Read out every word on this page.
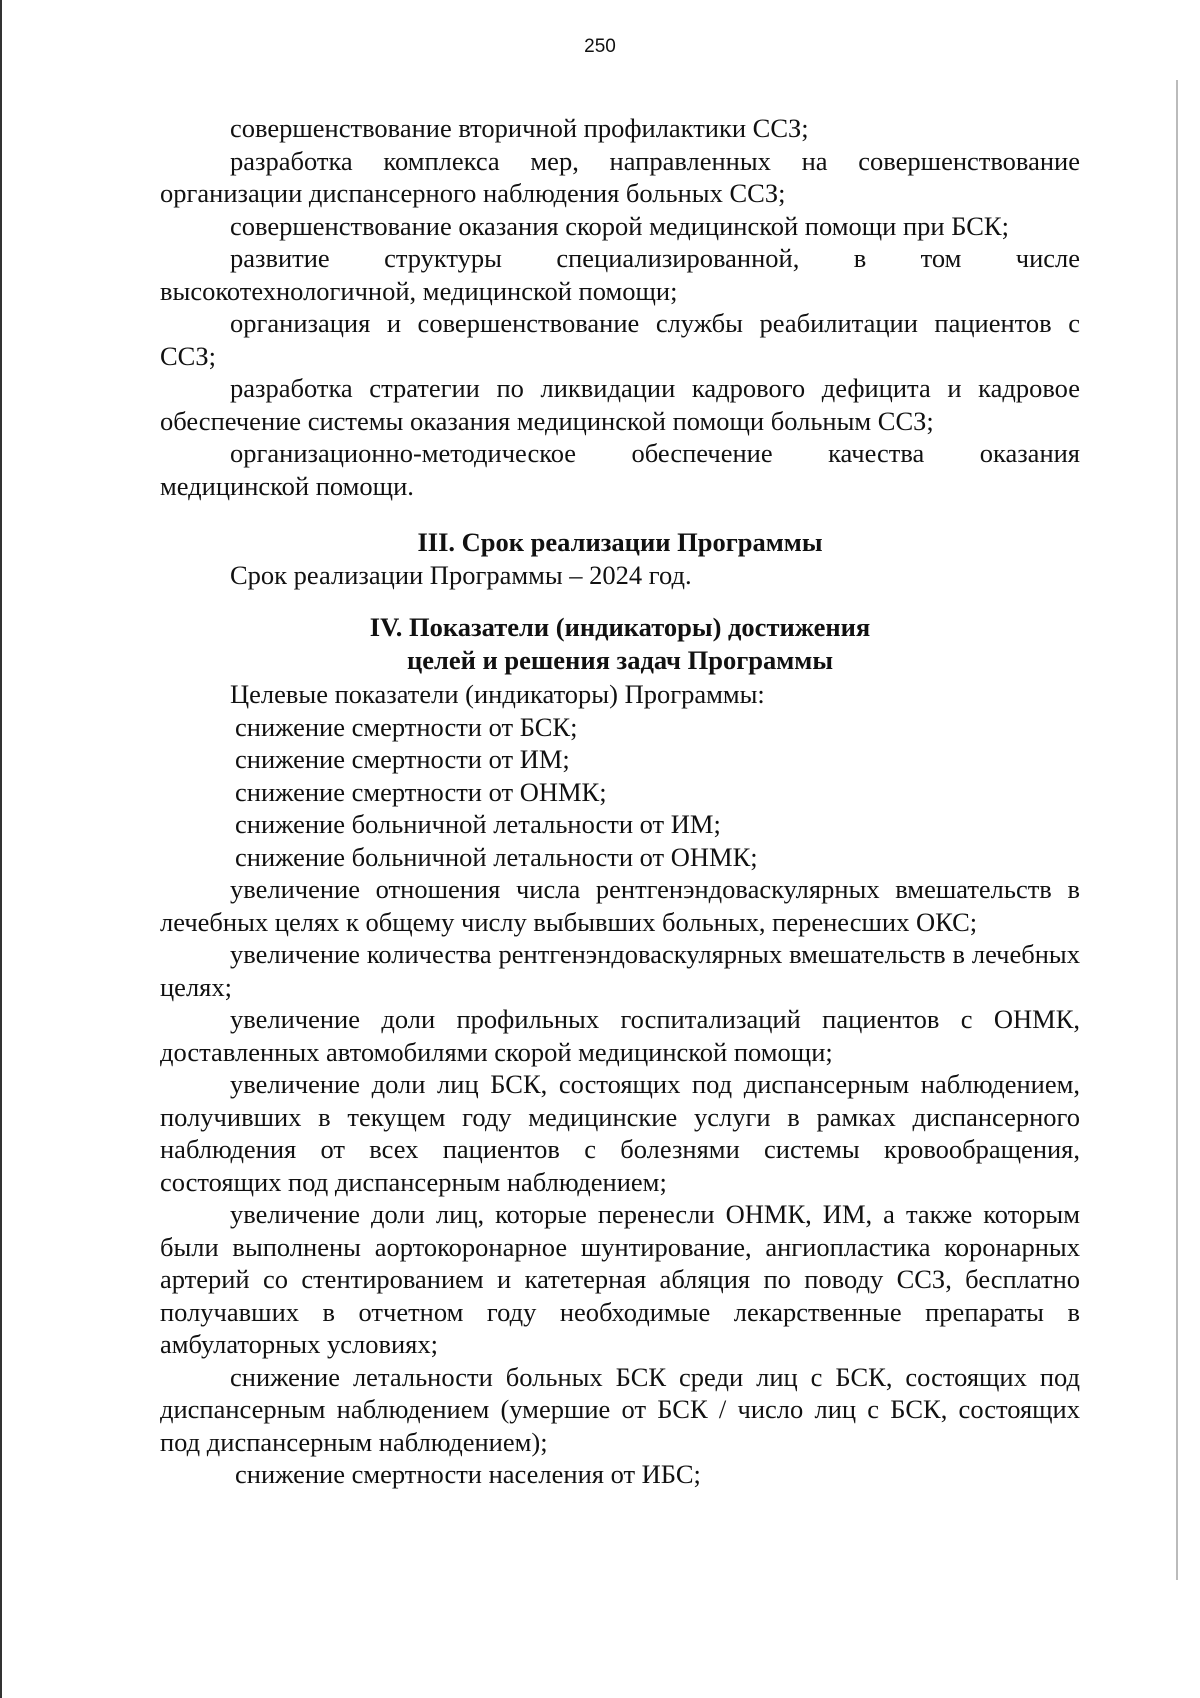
250

совершенствование вторичной профилактики ССЗ;

разработка комплекса мер, направленных на совершенствование организации диспансерного наблюдения больных ССЗ;

совершенствование оказания скорой медицинской помощи при БСК;

развитие структуры специализированной, в том числе высокотехнологичной, медицинской помощи;

организация и совершенствование службы реабилитации пациентов с ССЗ;

разработка стратегии по ликвидации кадрового дефицита и кадровое обеспечение системы оказания медицинской помощи больным ССЗ;

организационно-методическое обеспечение качества оказания медицинской помощи.

III. Срок реализации Программы

Срок реализации Программы – 2024 год.

IV. Показатели (индикаторы) достижения
целей и решения задач Программы

Целевые показатели (индикаторы) Программы:

снижение смертности от БСК;

снижение смертности от ИМ;

снижение смертности от ОНМК;

снижение больничной летальности от ИМ;

снижение больничной летальности от ОНМК;

увеличение отношения числа рентгенэндоваскулярных вмешательств в лечебных целях к общему числу выбывших больных, перенесших ОКС;

увеличение количества рентгенэндоваскулярных вмешательств в лечебных целях;

увеличение доли профильных госпитализаций пациентов с ОНМК, доставленных автомобилями скорой медицинской помощи;

увеличение доли лиц БСК, состоящих под диспансерным наблюдением, получивших в текущем году медицинские услуги в рамках диспансерного наблюдения от всех пациентов с болезнями системы кровообращения, состоящих под диспансерным наблюдением;

увеличение доли лиц, которые перенесли ОНМК, ИМ, а также которым были выполнены аортокоронарное шунтирование, ангиопластика коронарных артерий со стентированием и катетерная абляция по поводу ССЗ, бесплатно получавших в отчетном году необходимые лекарственные препараты в амбулаторных условиях;

снижение летальности больных БСК среди лиц с БСК, состоящих под диспансерным наблюдением (умершие от БСК / число лиц с БСК, состоящих под диспансерным наблюдением);

снижение смертности населения от ИБС;
